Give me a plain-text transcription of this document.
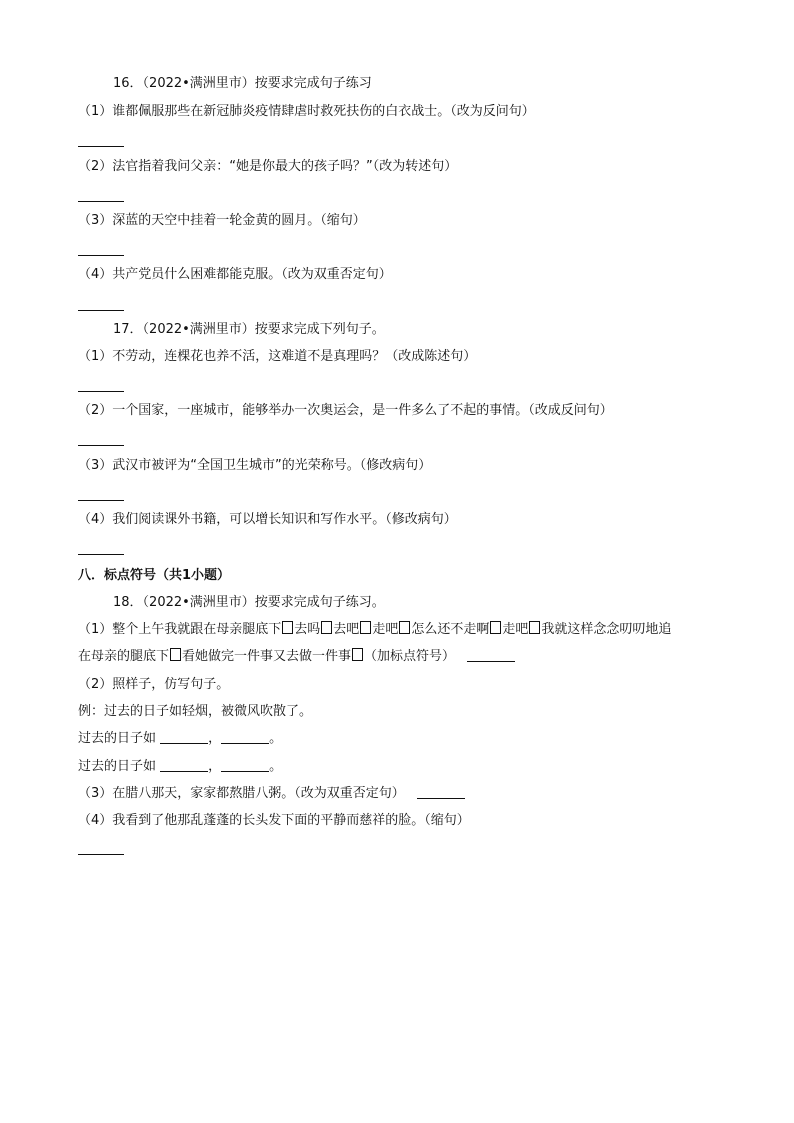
16．（2022•满洲里市）按要求完成句子练习
（1）谁都佩服那些在新冠肺炎疫情肆虐时救死扶伤的白衣战士。（改为反问句）
（2）法官指着我问父亲：“她是你最大的孩子吗？”（改为转述句）
（3）深蓝的天空中挂着一轮金黄的圆月。（缩句）
（4）共产党员什么困难都能克服。（改为双重否定句）
17．（2022•满洲里市）按要求完成下列句子。
（1）不劳动，连棵花也养不活，这难道不是真理吗？（改成陈述句）
（2）一个国家，一座城市，能够举办一次奥运会，是一件多么了不起的事情。（改成反问句）
（3）武汉市被评为“全国卫生城市”的光荣称号。（修改病句）
（4）我们阅读课外书籍，可以增长知识和写作水平。（修改病句）
八．标点符号（共1小题）
18．（2022•满洲里市）按要求完成句子练习。
（1）整个上午我就跟在母亲腿底下 去吗 去吧 走吧 怎么还不走啊 走吧 我就这样念念叨叨地追
在母亲的腿底下 看她做完一件事又去做一件事 （加标点符号）
（2）照样子，仿写句子。
例：过去的日子如轻烟，被微风吹散了。
过去的日子如	，	。
过去的日子如	，	。
（3）在腊八那天，家家都熬腊八粥。（改为双重否定句）
（4）我看到了他那乱蓬蓬的长头发下面的平静而慈祥的脸。（缩句）
